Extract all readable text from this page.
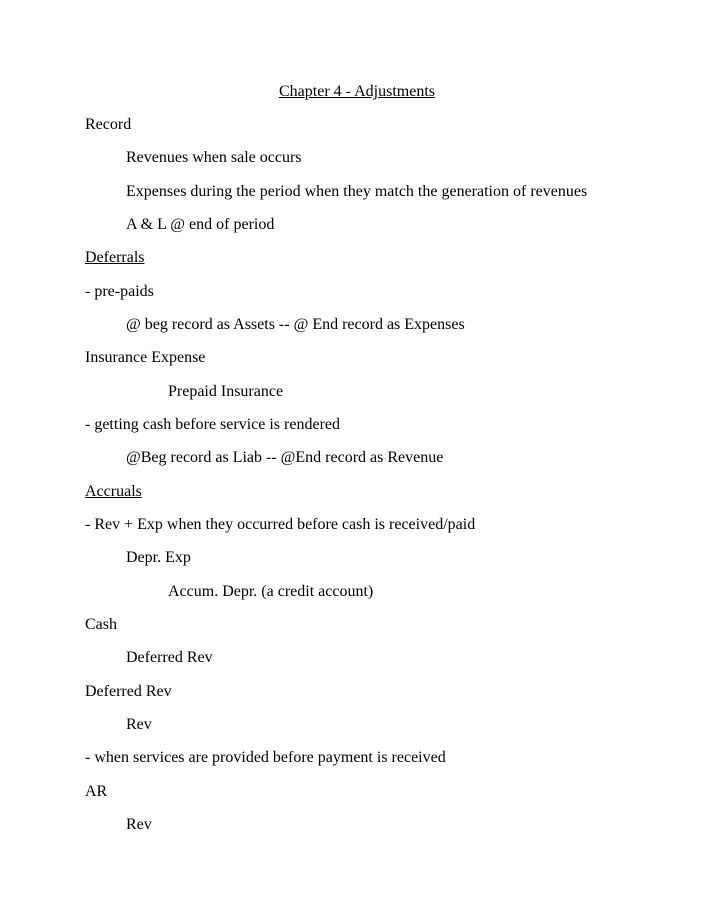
Chapter 4 - Adjustments
Record
Revenues when sale occurs
Expenses during the period when they match the generation of revenues
A & L @ end of period
Deferrals
- pre-paids
@ beg record as Assets -- @ End record as Expenses
Insurance Expense
Prepaid Insurance
- getting cash before service is rendered
@Beg record as Liab -- @End record as Revenue
Accruals
- Rev + Exp when they occurred before cash is received/paid
Depr. Exp
Accum. Depr. (a credit account)
Cash
Deferred Rev
Deferred Rev
Rev
- when services are provided before payment is received
AR
Rev
